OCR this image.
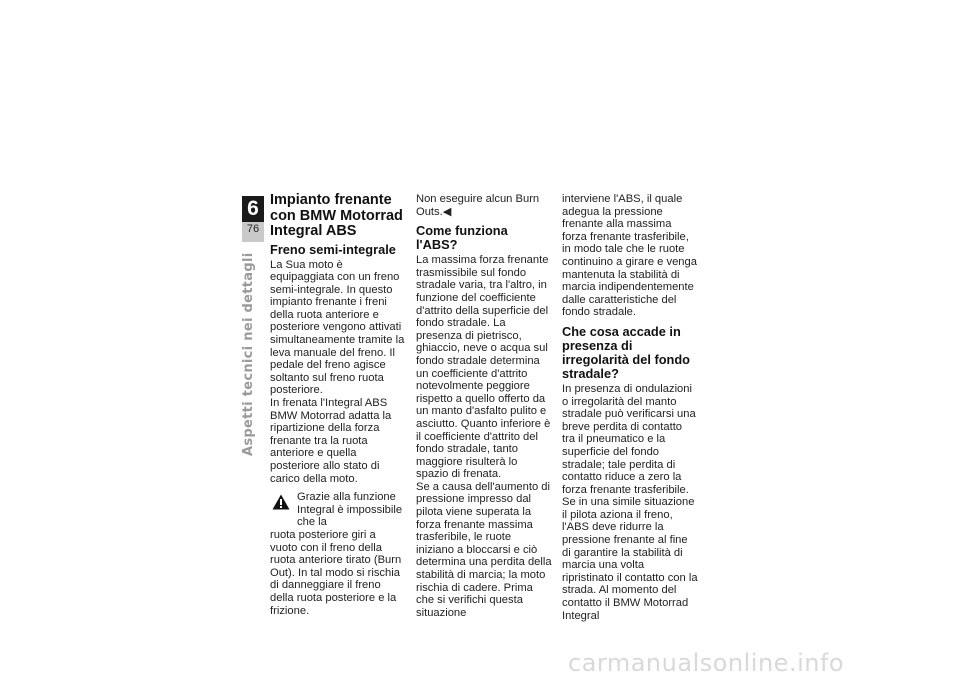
6
76
Aspetti tecnici nei dettagli
Impianto frenante con BMW Motorrad Integral ABS
Freno semi-integrale

La Sua moto è equipaggiata con un freno semi-integrale. In questo impianto frenante i freni della ruota anteriore e posteriore vengono attivati simultaneamente tramite la leva manuale del freno. Il pedale del freno agisce soltanto sul freno ruota posteriore.

In frenata l'Integral ABS BMW Motorrad adatta la ripartizione della forza frenante tra la ruota anteriore e quella posteriore allo stato di carico della moto.

Grazie alla funzione Integral è impossibile che la

ruota posteriore giri a vuoto con il freno della ruota anteriore tirato (Burn Out). In tal modo si rischia di danneggiare il freno della ruota posteriore e la frizione.

Non eseguire alcun Burn Outs.◀

Come funziona l'ABS?

La massima forza frenante trasmissibile sul fondo stradale varia, tra l'altro, in funzione del coefficiente d'attrito della superficie del fondo stradale. La presenza di pietrisco, ghiaccio, neve o acqua sul fondo stradale determina un coefficiente d'attrito notevolmente peggiore rispetto a quello offerto da un manto d'asfalto pulito e asciutto. Quanto inferiore è il coefficiente d'attrito del fondo stradale, tanto maggiore risulterà lo spazio di frenata.

Se a causa dell'aumento di pressione impresso dal pilota viene superata la forza frenante massima trasferibile, le ruote iniziano a bloccarsi e ciò determina una perdita della stabilità di marcia; la moto rischia di cadere. Prima che si verifichi questa situazione

interviene l'ABS, il quale adegua la pressione frenante alla massima forza frenante trasferibile, in modo tale che le ruote continuino a girare e venga mantenuta la stabilità di marcia indipendentemente dalle caratteristiche del fondo stradale.

Che cosa accade in presenza di irregolarità del fondo stradale?

In presenza di ondulazioni o irregolarità del manto stradale può verificarsi una breve perdita di contatto tra il pneumatico e la superficie del fondo stradale; tale perdita di contatto riduce a zero la forza frenante trasferibile. Se in una simile situazione il pilota aziona il freno, l'ABS deve ridurre la pressione frenante al fine di garantire la stabilità di marcia una volta ripristinato il contatto con la strada. Al momento del contatto il BMW Motorrad Integral

carmanualsonline.info
